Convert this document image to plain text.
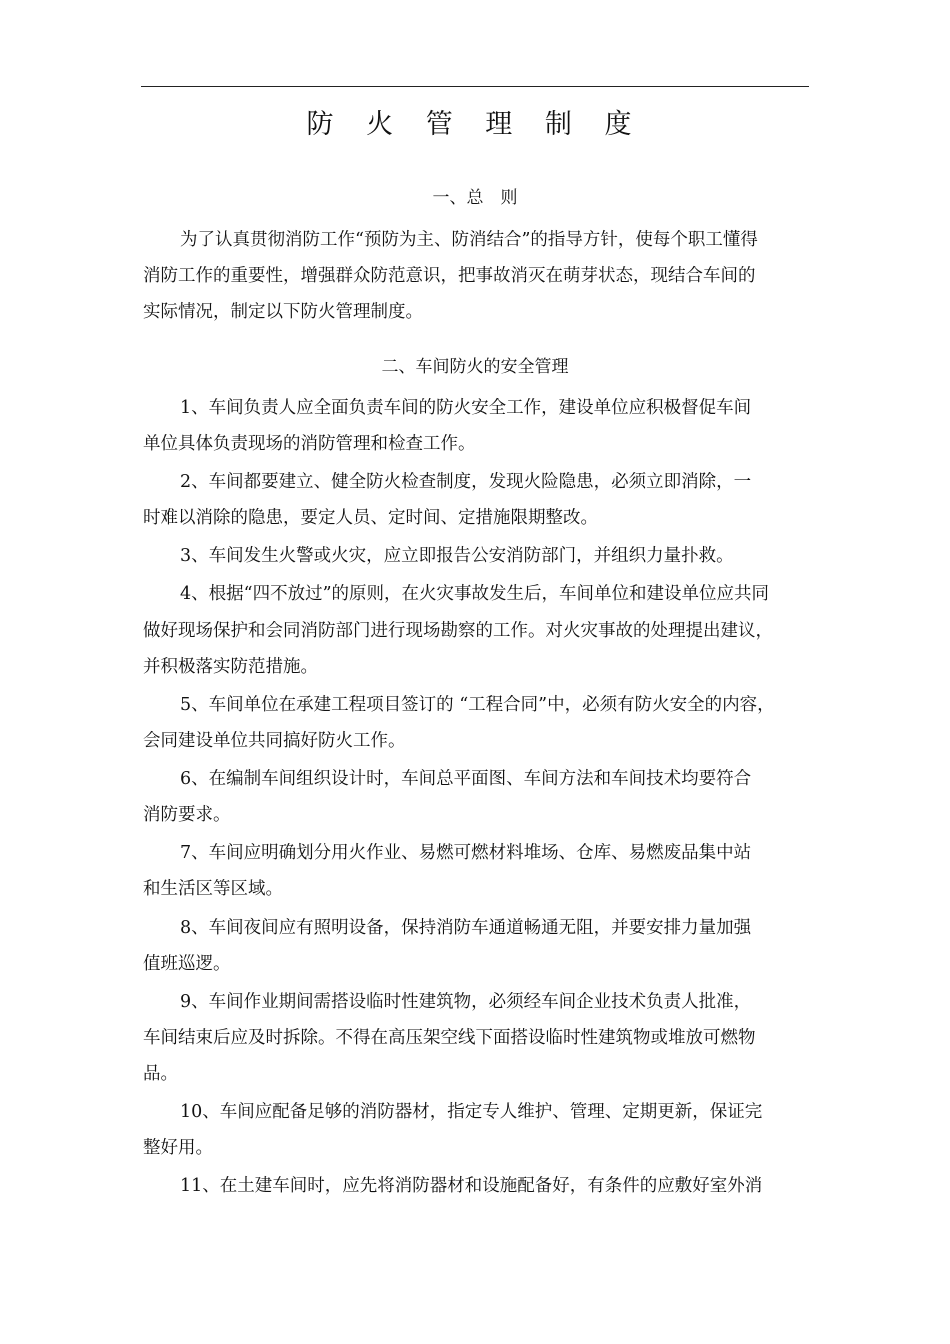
防 火 管 理 制 度
一、总　则
为了认真贯彻消防工作“预防为主、防消结合”的指导方针，使每个职工懂得
消防工作的重要性，增强群众防范意识，把事故消灭在萌芽状态，现结合车间的
实际情况，制定以下防火管理制度。
二、车间防火的安全管理
1、车间负责人应全面负责车间的防火安全工作，建设单位应积极督促车间
单位具体负责现场的消防管理和检查工作。
2、车间都要建立、健全防火检查制度，发现火险隐患，必须立即消除，一
时难以消除的隐患，要定人员、定时间、定措施限期整改。
3、车间发生火警或火灾，应立即报告公安消防部门，并组织力量扑救。
4、根据“四不放过”的原则，在火灾事故发生后，车间单位和建设单位应共同
做好现场保护和会同消防部门进行现场勘察的工作。对火灾事故的处理提出建议，
并积极落实防范措施。
5、车间单位在承建工程项目签订的 “工程合同”中，必须有防火安全的内容，
会同建设单位共同搞好防火工作。
6、在编制车间组织设计时，车间总平面图、车间方法和车间技术均要符合
消防要求。
7、车间应明确划分用火作业、易燃可燃材料堆场、仓库、易燃废品集中站
和生活区等区域。
8、车间夜间应有照明设备，保持消防车通道畅通无阻，并要安排力量加强
值班巡逻。
9、车间作业期间需搭设临时性建筑物，必须经车间企业技术负责人批准，
车间结束后应及时拆除。不得在高压架空线下面搭设临时性建筑物或堆放可燃物
品。
10、车间应配备足够的消防器材，指定专人维护、管理、定期更新，保证完
整好用。
11、在土建车间时，应先将消防器材和设施配备好，有条件的应敷好室外消
